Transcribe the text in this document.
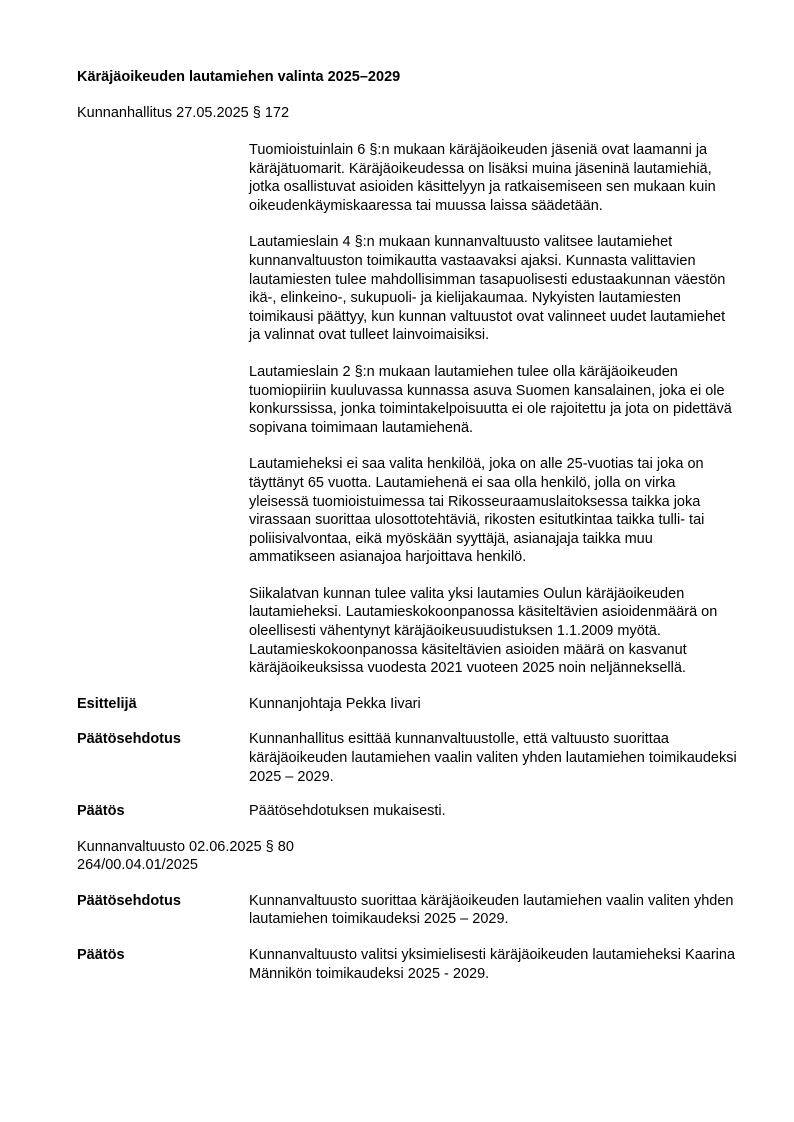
Käräjäoikeuden lautamiehen valinta 2025–2029
Kunnanhallitus 27.05.2025 § 172

Tuomioistuinlain 6 §:n mukaan käräjäoikeuden jäseniä ovat laamanni ja käräjätuomarit. Käräjäoikeudessa on lisäksi muina jäseninä lautamiehiä, jotka osallistuvat asioiden käsittelyyn ja ratkaisemiseen sen mukaan kuin oikeudenkäymiskaaressa tai muussa laissa säädetään.

Lautamieslain 4 §:n mukaan kunnanvaltuusto valitsee lautamiehet kunnanvaltuuston toimikautta vastaavaksi ajaksi. Kunnasta valittavien lautamiesten tulee mahdollisimman tasapuolisesti edustaakunnan väestön ikä-, elinkeino-, sukupuoli- ja kielijakaumaa. Nykyisten lautamiesten toimikausi päättyy, kun kunnan valtuustot ovat valinneet uudet lautamiehet ja valinnat ovat tulleet lainvoimaisiksi.

Lautamieslain 2 §:n mukaan lautamiehen tulee olla käräjäoikeuden tuomiopiiriin kuuluvassa kunnassa asuva Suomen kansalainen, joka ei ole konkurssissa, jonka toimintakelpoisuutta ei ole rajoitettu ja jota on pidettävä sopivana toimimaan lautamiehenä.

Lautamieheksi ei saa valita henkilöä, joka on alle 25-vuotias tai joka on täyttänyt 65 vuotta. Lautamiehenä ei saa olla henkilö, jolla on virka yleisessä tuomioistuimessa tai Rikosseuraamuslaitoksessa taikka joka virassaan suorittaa ulosottotehtäviä, rikosten esitutkintaa taikka tulli- tai poliisivalvontaa, eikä myöskään syyttäjä, asianajaja taikka muu ammatikseen asianajoa harjoittava henkilö.

Siikalatvan kunnan tulee valita yksi lautamies Oulun käräjäoikeuden lautamieheksi. Lautamieskokoonpanossa käsiteltävien asioidenmäärä on oleellisesti vähentynyt käräjäoikeusuudistuksen 1.1.2009 myötä. Lautamieskokoonpanossa käsiteltävien asioiden määrä on kasvanut käräjäoikeuksissa vuodesta 2021 vuoteen 2025 noin neljänneksellä.

Esittelijä	Kunnanjohtaja Pekka Iivari
Päätösehdotus	Kunnanhallitus esittää kunnanvaltuustolle, että valtuusto suorittaa käräjäoikeuden lautamiehen vaalin valiten yhden lautamiehen toimikaudeksi 2025 – 2029.
Päätös	Päätösehdotuksen mukaisesti.
Kunnanvaltuusto 02.06.2025 § 80
264/00.04.01/2025
Päätösehdotus	Kunnanvaltuusto suorittaa käräjäoikeuden lautamiehen vaalin valiten yhden lautamiehen toimikaudeksi 2025 – 2029.
Päätös	Kunnanvaltuusto valitsi yksimielisesti käräjäoikeuden lautamieheksi Kaarina Männikön toimikaudeksi 2025 - 2029.
